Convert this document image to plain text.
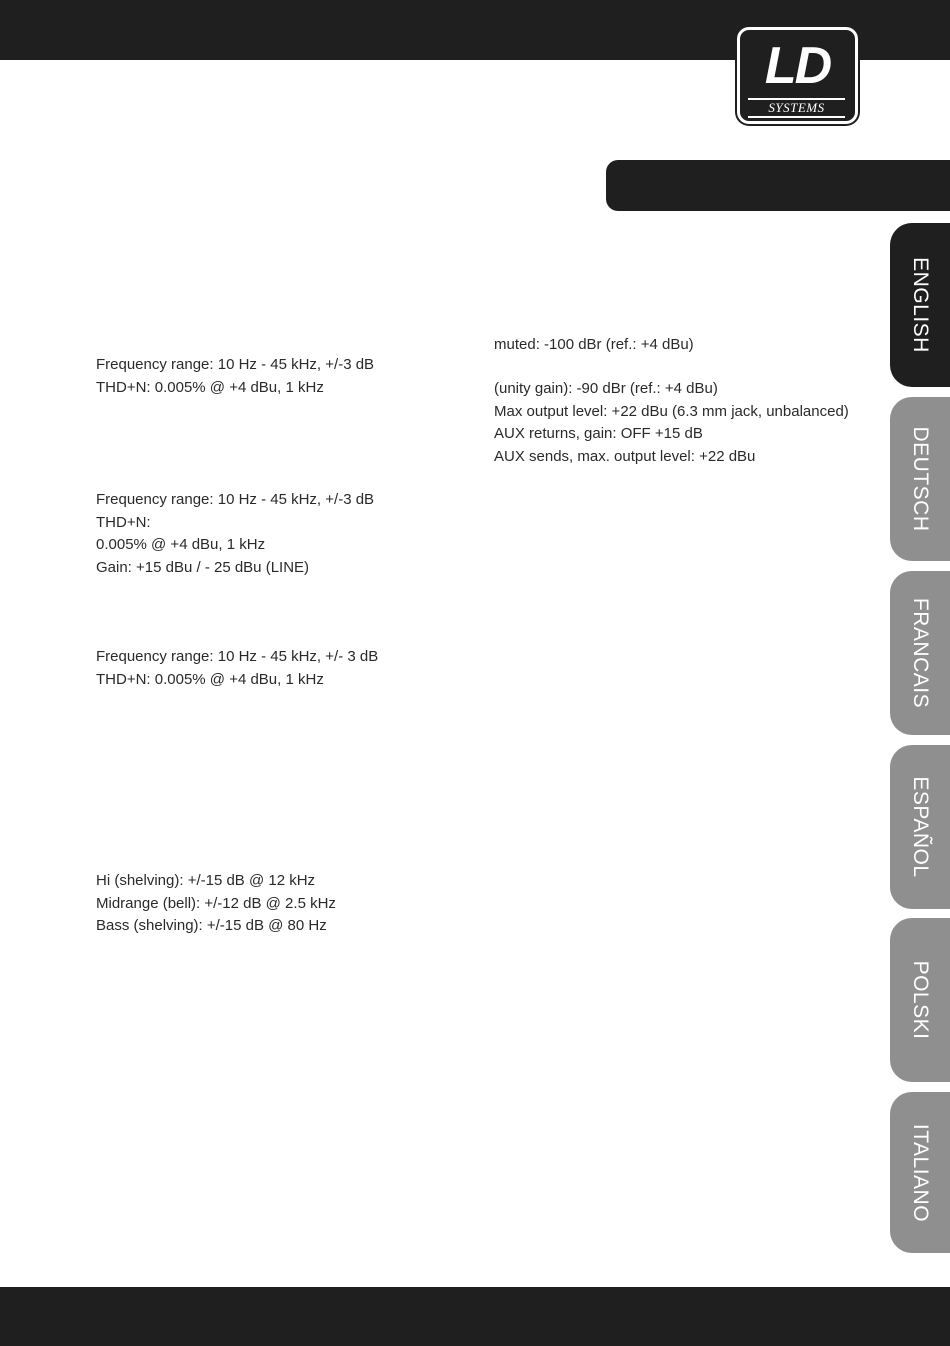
LD
SYSTEMS
ENGLISH
DEUTSCH
FRANCAIS
ESPAÑOL
POLSKI
ITALIANO
Frequency range: 10 Hz - 45 kHz, +/-3 dB
THD+N: 0.005% @ +4 dBu, 1 kHz
Frequency range: 10 Hz - 45 kHz, +/-3 dB
THD+N:
0.005% @ +4 dBu, 1 kHz
Gain: +15 dBu / - 25 dBu (LINE)
Frequency range: 10 Hz - 45 kHz, +/- 3 dB
THD+N: 0.005% @ +4 dBu, 1 kHz
Hi (shelving): +/-15 dB @ 12 kHz
Midrange (bell): +/-12 dB @ 2.5 kHz
Bass (shelving): +/-15 dB @ 80 Hz
muted: -100 dBr (ref.: +4 dBu)
(unity gain): -90 dBr (ref.: +4 dBu)
Max output level: +22 dBu (6.3 mm jack, unbalanced)
AUX returns, gain: OFF +15 dB
AUX sends, max. output level: +22 dBu
